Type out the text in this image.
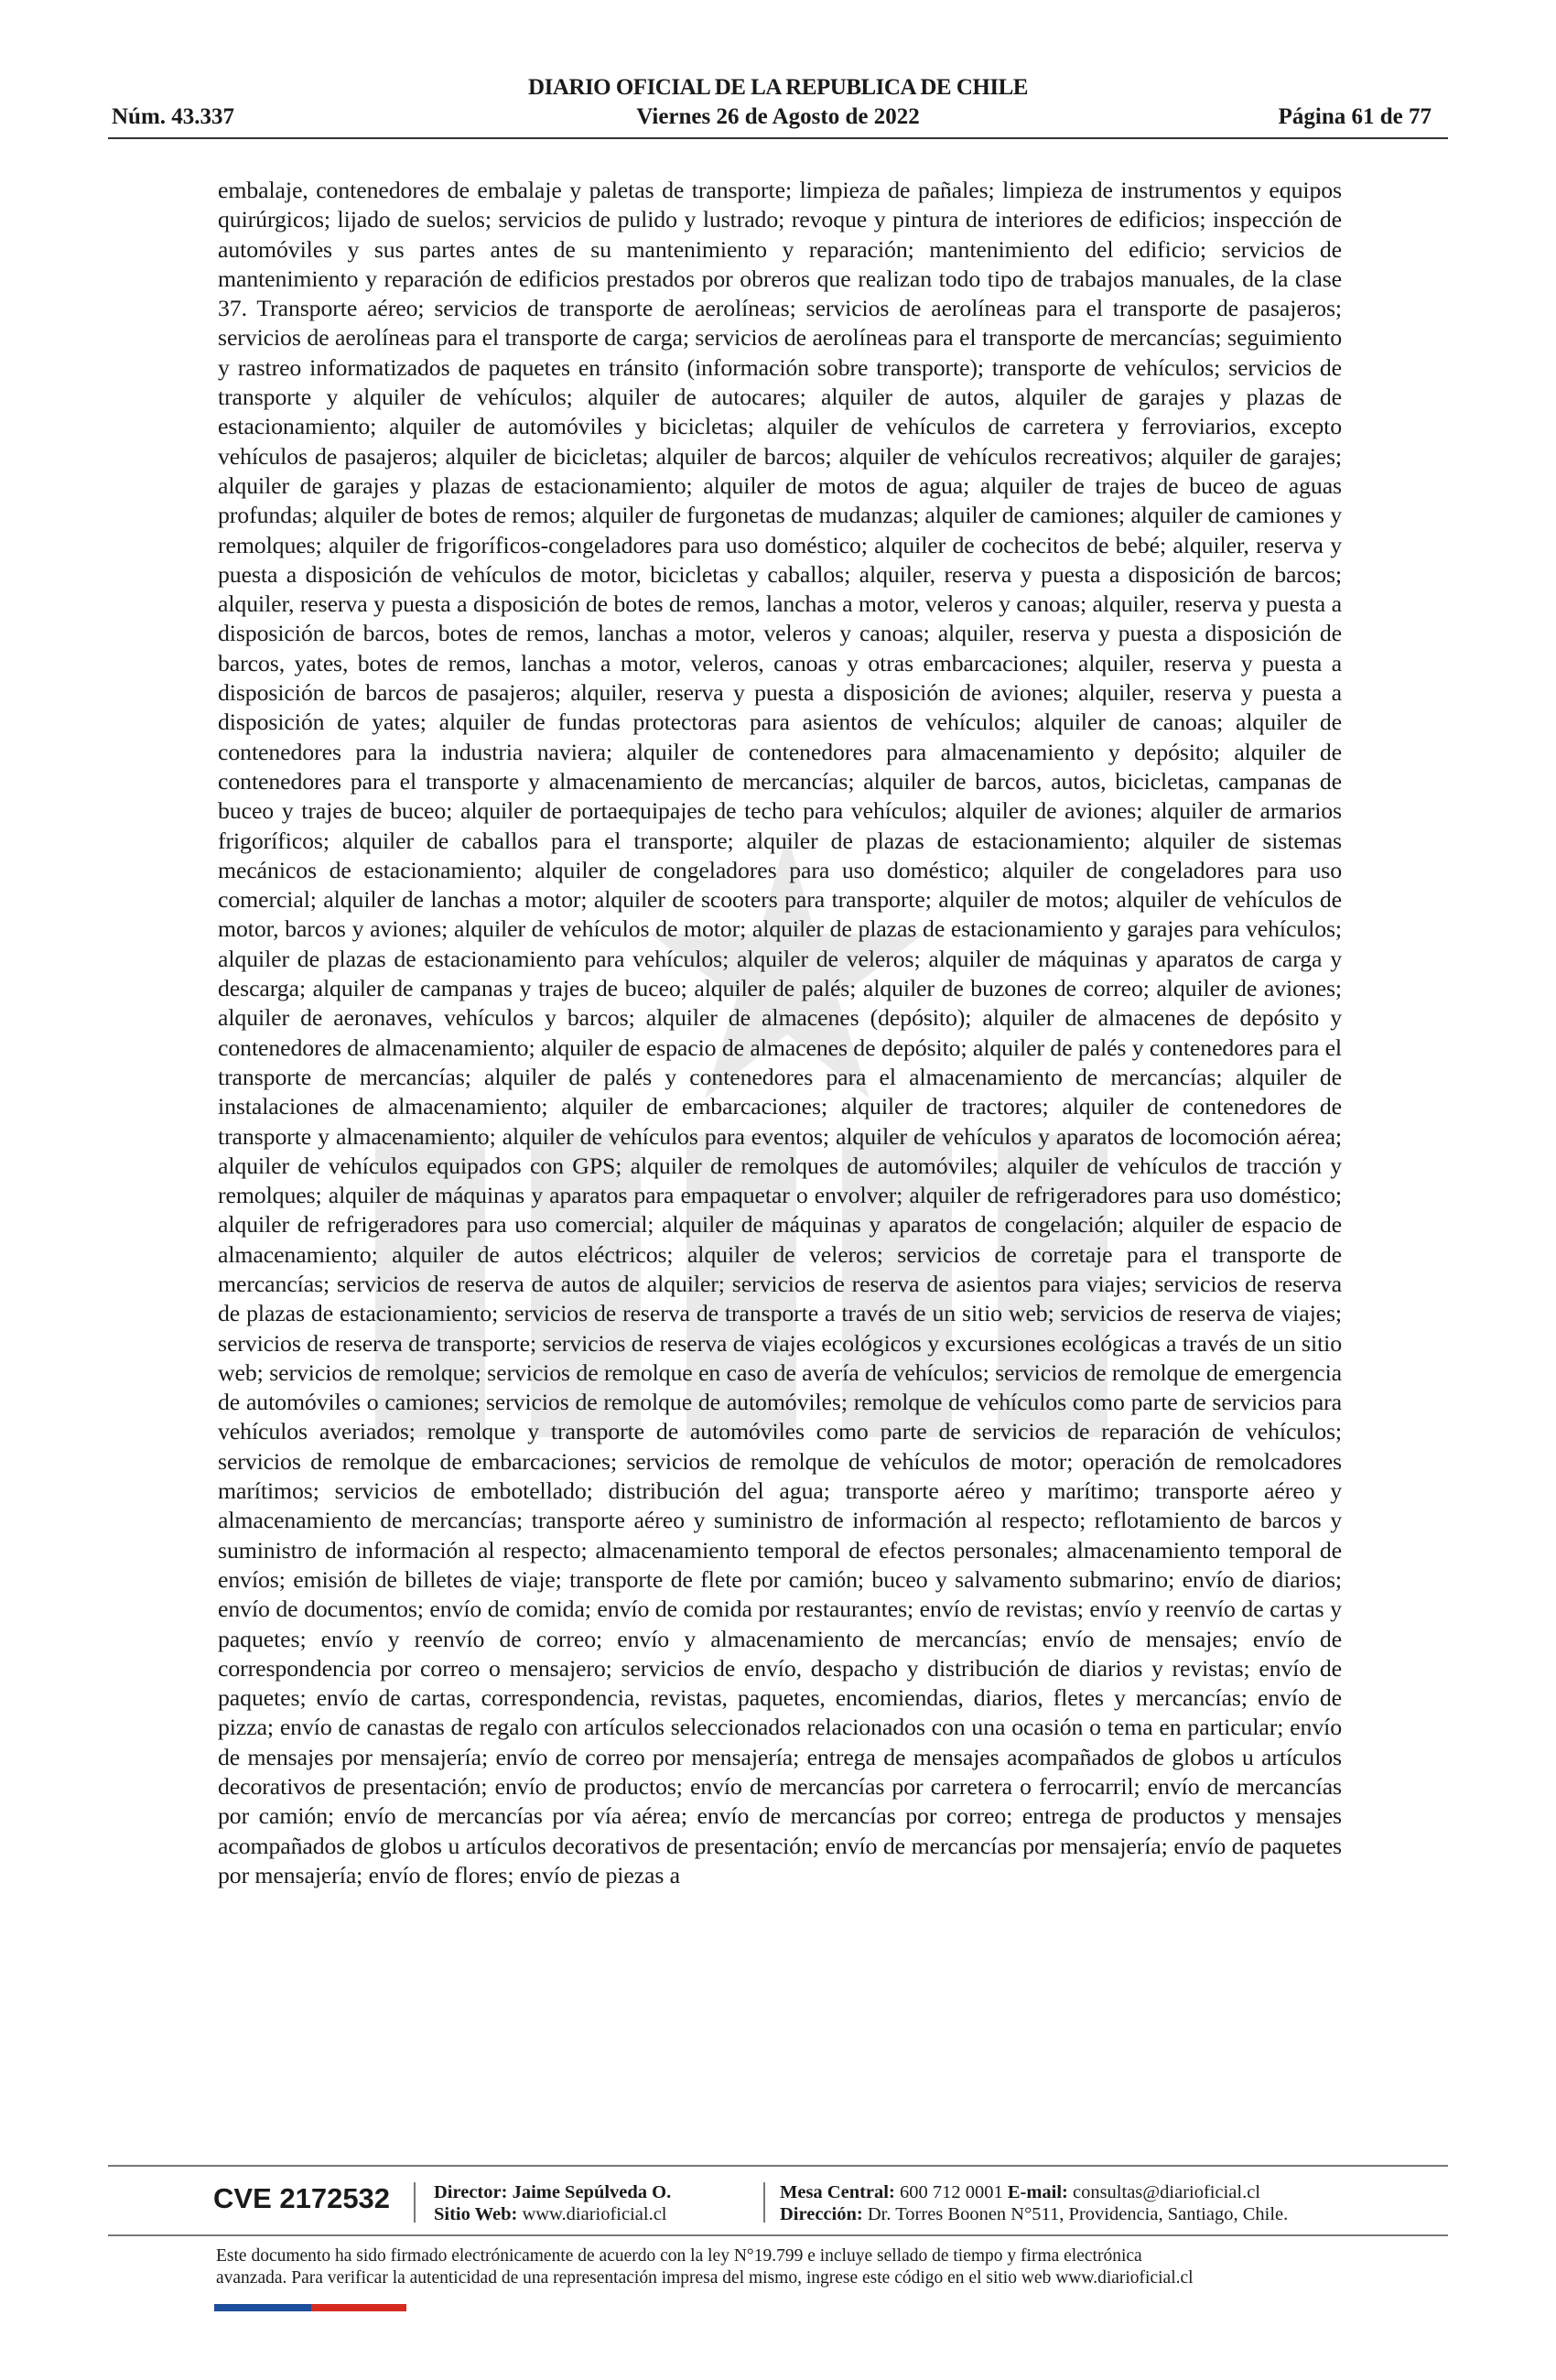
DIARIO OFICIAL DE LA REPUBLICA DE CHILE
Núm. 43.337	Viernes 26 de Agosto de 2022	Página 61 de 77
embalaje, contenedores de embalaje y paletas de transporte; limpieza de pañales; limpieza de instrumentos y equipos quirúrgicos; lijado de suelos; servicios de pulido y lustrado; revoque y pintura de interiores de edificios; inspección de automóviles y sus partes antes de su mantenimiento y reparación; mantenimiento del edificio; servicios de mantenimiento y reparación de edificios prestados por obreros que realizan todo tipo de trabajos manuales, de la clase 37. Transporte aéreo; servicios de transporte de aerolíneas; servicios de aerolíneas para el transporte de pasajeros; servicios de aerolíneas para el transporte de carga; servicios de aerolíneas para el transporte de mercancías; seguimiento y rastreo informatizados de paquetes en tránsito (información sobre transporte); transporte de vehículos; servicios de transporte y alquiler de vehículos; alquiler de autocares; alquiler de autos, alquiler de garajes y plazas de estacionamiento; alquiler de automóviles y bicicletas; alquiler de vehículos de carretera y ferroviarios, excepto vehículos de pasajeros; alquiler de bicicletas; alquiler de barcos; alquiler de vehículos recreativos; alquiler de garajes; alquiler de garajes y plazas de estacionamiento; alquiler de motos de agua; alquiler de trajes de buceo de aguas profundas; alquiler de botes de remos; alquiler de furgonetas de mudanzas; alquiler de camiones; alquiler de camiones y remolques; alquiler de frigoríficos-congeladores para uso doméstico; alquiler de cochecitos de bebé; alquiler, reserva y puesta a disposición de vehículos de motor, bicicletas y caballos; alquiler, reserva y puesta a disposición de barcos; alquiler, reserva y puesta a disposición de botes de remos, lanchas a motor, veleros y canoas; alquiler, reserva y puesta a disposición de barcos, botes de remos, lanchas a motor, veleros y canoas; alquiler, reserva y puesta a disposición de barcos, yates, botes de remos, lanchas a motor, veleros, canoas y otras embarcaciones; alquiler, reserva y puesta a disposición de barcos de pasajeros; alquiler, reserva y puesta a disposición de aviones; alquiler, reserva y puesta a disposición de yates; alquiler de fundas protectoras para asientos de vehículos; alquiler de canoas; alquiler de contenedores para la industria naviera; alquiler de contenedores para almacenamiento y depósito; alquiler de contenedores para el transporte y almacenamiento de mercancías; alquiler de barcos, autos, bicicletas, campanas de buceo y trajes de buceo; alquiler de portaequipajes de techo para vehículos; alquiler de aviones; alquiler de armarios frigoríficos; alquiler de caballos para el transporte; alquiler de plazas de estacionamiento; alquiler de sistemas mecánicos de estacionamiento; alquiler de congeladores para uso doméstico; alquiler de congeladores para uso comercial; alquiler de lanchas a motor; alquiler de scooters para transporte; alquiler de motos; alquiler de vehículos de motor, barcos y aviones; alquiler de vehículos de motor; alquiler de plazas de estacionamiento y garajes para vehículos; alquiler de plazas de estacionamiento para vehículos; alquiler de veleros; alquiler de máquinas y aparatos de carga y descarga; alquiler de campanas y trajes de buceo; alquiler de palés; alquiler de buzones de correo; alquiler de aviones; alquiler de aeronaves, vehículos y barcos; alquiler de almacenes (depósito); alquiler de almacenes de depósito y contenedores de almacenamiento; alquiler de espacio de almacenes de depósito; alquiler de palés y contenedores para el transporte de mercancías; alquiler de palés y contenedores para el almacenamiento de mercancías; alquiler de instalaciones de almacenamiento; alquiler de embarcaciones; alquiler de tractores; alquiler de contenedores de transporte y almacenamiento; alquiler de vehículos para eventos; alquiler de vehículos y aparatos de locomoción aérea; alquiler de vehículos equipados con GPS; alquiler de remolques de automóviles; alquiler de vehículos de tracción y remolques; alquiler de máquinas y aparatos para empaquetar o envolver; alquiler de refrigeradores para uso doméstico; alquiler de refrigeradores para uso comercial; alquiler de máquinas y aparatos de congelación; alquiler de espacio de almacenamiento; alquiler de autos eléctricos; alquiler de veleros; servicios de corretaje para el transporte de mercancías; servicios de reserva de autos de alquiler; servicios de reserva de asientos para viajes; servicios de reserva de plazas de estacionamiento; servicios de reserva de transporte a través de un sitio web; servicios de reserva de viajes; servicios de reserva de transporte; servicios de reserva de viajes ecológicos y excursiones ecológicas a través de un sitio web; servicios de remolque; servicios de remolque en caso de avería de vehículos; servicios de remolque de emergencia de automóviles o camiones; servicios de remolque de automóviles; remolque de vehículos como parte de servicios para vehículos averiados; remolque y transporte de automóviles como parte de servicios de reparación de vehículos; servicios de remolque de embarcaciones; servicios de remolque de vehículos de motor; operación de remolcadores marítimos; servicios de embotellado; distribución del agua; transporte aéreo y marítimo; transporte aéreo y almacenamiento de mercancías; transporte aéreo y suministro de información al respecto; reflotamiento de barcos y suministro de información al respecto; almacenamiento temporal de efectos personales; almacenamiento temporal de envíos; emisión de billetes de viaje; transporte de flete por camión; buceo y salvamento submarino; envío de diarios; envío de documentos; envío de comida; envío de comida por restaurantes; envío de revistas; envío y reenvío de cartas y paquetes; envío y reenvío de correo; envío y almacenamiento de mercancías; envío de mensajes; envío de correspondencia por correo o mensajero; servicios de envío, despacho y distribución de diarios y revistas; envío de paquetes; envío de cartas, correspondencia, revistas, paquetes, encomiendas, diarios, fletes y mercancías; envío de pizza; envío de canastas de regalo con artículos seleccionados relacionados con una ocasión o tema en particular; envío de mensajes por mensajería; envío de correo por mensajería; entrega de mensajes acompañados de globos u artículos decorativos de presentación; envío de productos; envío de mercancías por carretera o ferrocarril; envío de mercancías por camión; envío de mercancías por vía aérea; envío de mercancías por correo; entrega de productos y mensajes acompañados de globos u artículos decorativos de presentación; envío de mercancías por mensajería; envío de paquetes por mensajería; envío de flores; envío de piezas a
CVE 2172532 Director: Jaime Sepúlveda O.
Sitio Web: www.diarioficial.cl
Mesa Central: 600 712 0001 E-mail: consultas@diarioficial.cl
Dirección: Dr. Torres Boonen N°511, Providencia, Santiago, Chile.
Este documento ha sido firmado electrónicamente de acuerdo con la ley N°19.799 e incluye sellado de tiempo y firma electrónica
avanzada. Para verificar la autenticidad de una representación impresa del mismo, ingrese este código en el sitio web www.diarioficial.cl
